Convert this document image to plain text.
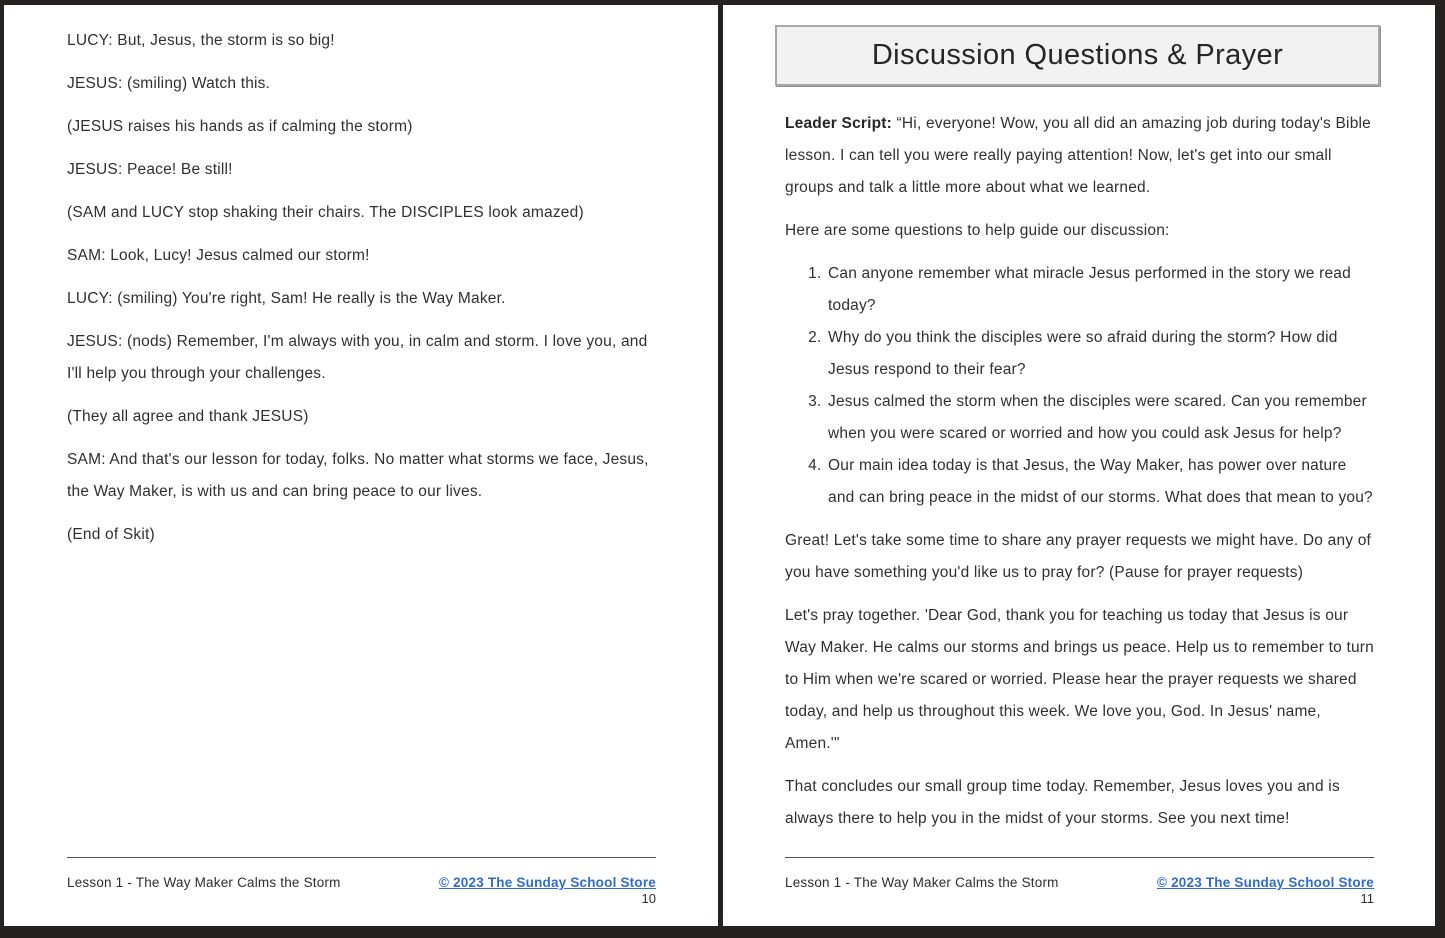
LUCY: But, Jesus, the storm is so big!

JESUS: (smiling) Watch this.

(JESUS raises his hands as if calming the storm)

JESUS: Peace! Be still!

(SAM and LUCY stop shaking their chairs. The DISCIPLES look amazed)

SAM: Look, Lucy! Jesus calmed our storm!

LUCY: (smiling) You're right, Sam! He really is the Way Maker.

JESUS: (nods) Remember, I'm always with you, in calm and storm. I love you, and I'll help you through your challenges.

(They all agree and thank JESUS)

SAM: And that's our lesson for today, folks. No matter what storms we face, Jesus, the Way Maker, is with us and can bring peace to our lives.

(End of Skit)

Lesson 1 - The Way Maker Calms the Storm	© 2023 The Sunday School Store
10
Discussion Questions & Prayer

Leader Script: “Hi, everyone! Wow, you all did an amazing job during today's Bible lesson. I can tell you were really paying attention! Now, let's get into our small groups and talk a little more about what we learned.

Here are some questions to help guide our discussion:

1. Can anyone remember what miracle Jesus performed in the story we read today?
2. Why do you think the disciples were so afraid during the storm? How did Jesus respond to their fear?
3. Jesus calmed the storm when the disciples were scared. Can you remember when you were scared or worried and how you could ask Jesus for help?
4. Our main idea today is that Jesus, the Way Maker, has power over nature and can bring peace in the midst of our storms. What does that mean to you?

Great! Let's take some time to share any prayer requests we might have. Do any of you have something you'd like us to pray for? (Pause for prayer requests)

Let's pray together. 'Dear God, thank you for teaching us today that Jesus is our Way Maker. He calms our storms and brings us peace. Help us to remember to turn to Him when we're scared or worried. Please hear the prayer requests we shared today, and help us throughout this week. We love you, God. In Jesus' name, Amen.'"

That concludes our small group time today. Remember, Jesus loves you and is always there to help you in the midst of your storms. See you next time!

Lesson 1 - The Way Maker Calms the Storm	© 2023 The Sunday School Store
11
